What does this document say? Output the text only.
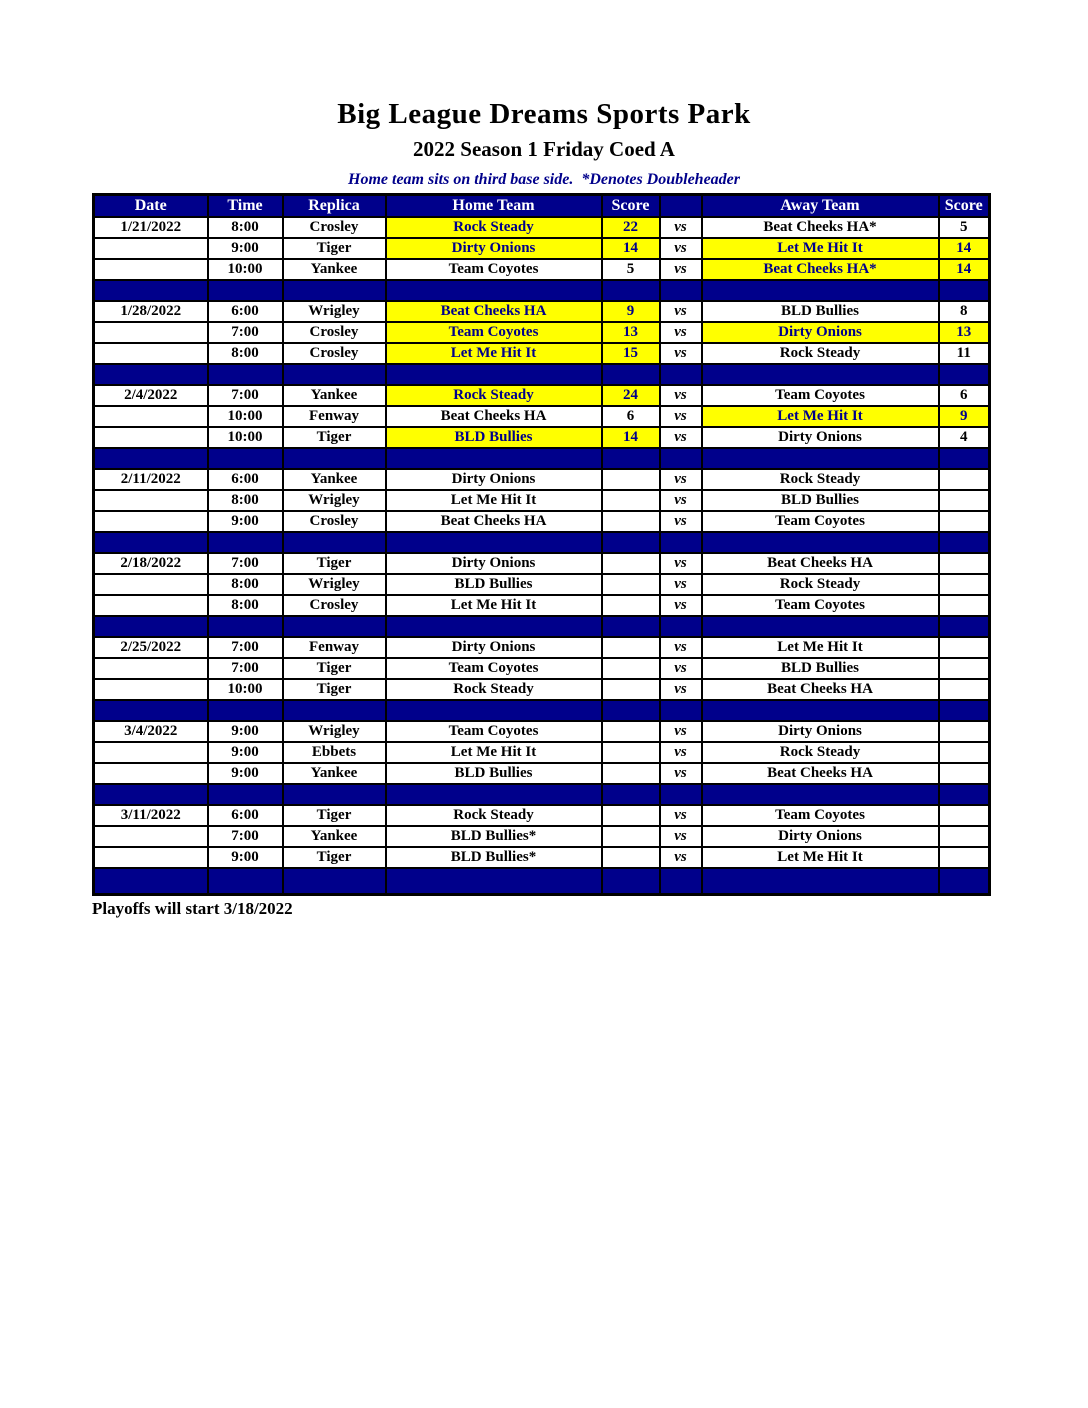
Big League Dreams Sports Park
2022 Season 1 Friday Coed A
Home team sits on third base side.  *Denotes Doubleheader
Date	Time	Replica	Home Team	Score		Away Team	Score
1/21/2022	8:00	Crosley	Rock Steady	22	vs	Beat Cheeks HA*	5
	9:00	Tiger	Dirty Onions	14	vs	Let Me Hit It	14
	10:00	Yankee	Team Coyotes	5	vs	Beat Cheeks HA*	14

1/28/2022	6:00	Wrigley	Beat Cheeks HA	9	vs	BLD Bullies	8
	7:00	Crosley	Team Coyotes	13	vs	Dirty Onions	13
	8:00	Crosley	Let Me Hit It	15	vs	Rock Steady	11

2/4/2022	7:00	Yankee	Rock Steady	24	vs	Team Coyotes	6
	10:00	Fenway	Beat Cheeks HA	6	vs	Let Me Hit It	9
	10:00	Tiger	BLD Bullies	14	vs	Dirty Onions	4

2/11/2022	6:00	Yankee	Dirty Onions		vs	Rock Steady	
	8:00	Wrigley	Let Me Hit It		vs	BLD Bullies	
	9:00	Crosley	Beat Cheeks HA		vs	Team Coyotes	

2/18/2022	7:00	Tiger	Dirty Onions		vs	Beat Cheeks HA	
	8:00	Wrigley	BLD Bullies		vs	Rock Steady	
	8:00	Crosley	Let Me Hit It		vs	Team Coyotes	

2/25/2022	7:00	Fenway	Dirty Onions		vs	Let Me Hit It	
	7:00	Tiger	Team Coyotes		vs	BLD Bullies	
	10:00	Tiger	Rock Steady		vs	Beat Cheeks HA	

3/4/2022	9:00	Wrigley	Team Coyotes		vs	Dirty Onions	
	9:00	Ebbets	Let Me Hit It		vs	Rock Steady	
	9:00	Yankee	BLD Bullies		vs	Beat Cheeks HA	

3/11/2022	6:00	Tiger	Rock Steady		vs	Team Coyotes	
	7:00	Yankee	BLD Bullies*		vs	Dirty Onions	
	9:00	Tiger	BLD Bullies*		vs	Let Me Hit It	

Playoffs will start 3/18/2022
